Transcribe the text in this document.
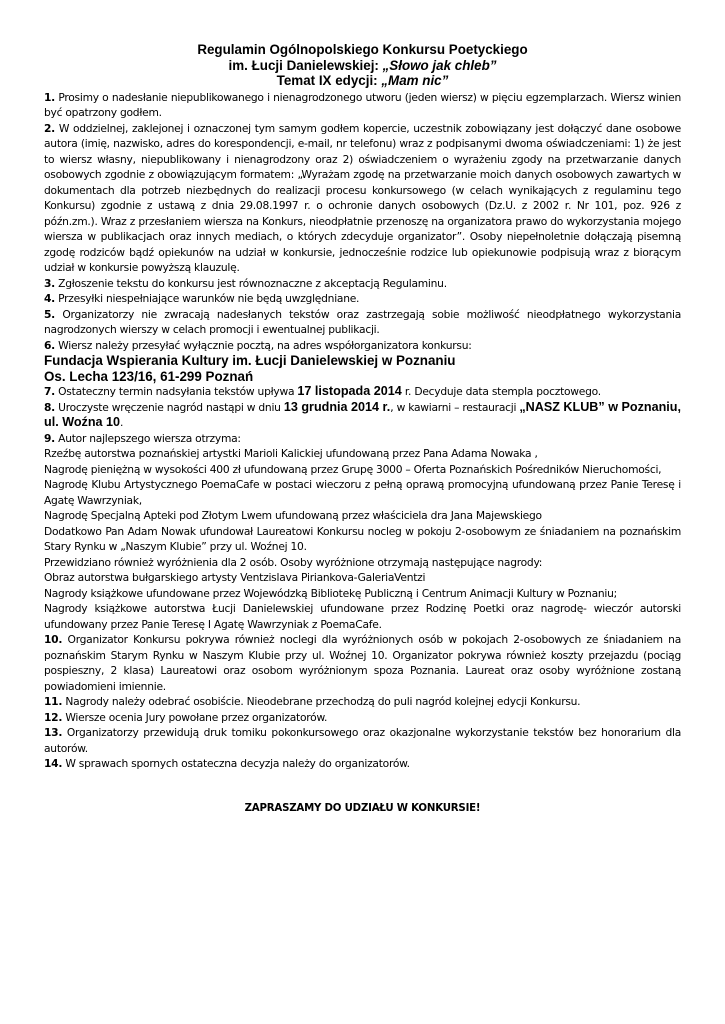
Regulamin Ogólnopolskiego Konkursu Poetyckiego
im. Łucji Danielewskiej: „Słowo jak chleb”
Temat IX edycji: „Mam nic”

1. Prosimy o nadesłanie niepublikowanego i nienagrodzonego utworu (jeden wiersz) w pięciu egzemplarzach. Wiersz winien być opatrzony godłem.

2. W oddzielnej, zaklejonej i oznaczonej tym samym godłem kopercie, uczestnik zobowiązany jest dołączyć dane osobowe autora (imię, nazwisko, adres do korespondencji, e-mail, nr telefonu) wraz z podpisanymi dwoma oświadczeniami: 1) że jest to wiersz własny, niepublikowany i nienagrodzony oraz 2) oświadczeniem o wyrażeniu zgody na przetwarzanie danych osobowych zgodnie z obowiązującym formatem: „Wyrażam zgodę na przetwarzanie moich danych osobowych zawartych w dokumentach dla potrzeb niezbędnych do realizacji procesu konkursowego (w celach wynikających z regulaminu tego Konkursu) zgodnie z ustawą z dnia 29.08.1997 r. o ochronie danych osobowych (Dz.U. z 2002 r. Nr 101, poz. 926 z późn.zm.). Wraz z przesłaniem wiersza na Konkurs, nieodpłatnie przenoszę na organizatora prawo do wykorzystania mojego wiersza w publikacjach oraz innych mediach, o których zdecyduje organizator”. Osoby niepełnoletnie dołączają pisemną zgodę rodziców bądź opiekunów na udział w konkursie, jednocześnie rodzice lub opiekunowie podpisują wraz z biorącym udział w konkursie powyższą klauzulę.

3. Zgłoszenie tekstu do konkursu jest równoznaczne z akceptacją Regulaminu.

4. Przesyłki niespełniające warunków nie będą uwzględniane.

5. Organizatorzy nie zwracają nadesłanych tekstów oraz zastrzegają sobie możliwość nieodpłatnego wykorzystania nagrodzonych wierszy w celach promocji i ewentualnej publikacji.

6. Wiersz należy przesyłać wyłącznie pocztą, na adres współorganizatora konkursu:

Fundacja Wspierania Kultury im. Łucji Danielewskiej w Poznaniu

Os. Lecha 123/16, 61-299 Poznań

7. Ostateczny termin nadsyłania tekstów upływa 17 listopada 2014 r. Decyduje data stempla pocztowego.

8. Uroczyste wręczenie nagród nastąpi w dniu 13 grudnia 2014 r., w kawiarni – restauracji „NASZ KLUB” w Poznaniu, ul. Woźna 10.

9. Autor najlepszego wiersza otrzyma:

Rzeźbę autorstwa poznańskiej artystki Marioli Kalickiej ufundowaną przez Pana Adama Nowaka ,

Nagrodę pieniężną w wysokości 400 zł ufundowaną przez Grupę 3000 – Oferta Poznańskich Pośredników Nieruchomości,

Nagrodę Klubu Artystycznego PoemaCafe w postaci wieczoru z pełną oprawą promocyjną ufundowaną przez Panie Teresę i Agatę Wawrzyniak,

Nagrodę Specjalną Apteki pod Złotym Lwem ufundowaną przez właściciela dra Jana Majewskiego

Dodatkowo Pan Adam Nowak ufundował Laureatowi Konkursu nocleg w pokoju 2-osobowym ze śniadaniem na poznańskim Stary Rynku w „Naszym Klubie” przy ul. Woźnej 10.

Przewidziano również wyróżnienia dla 2 osób. Osoby wyróżnione otrzymają następujące nagrody:

Obraz autorstwa bułgarskiego artysty Ventzislava Piriankova-GaleriaVentzi

Nagrody książkowe ufundowane przez Wojewódzką Bibliotekę Publiczną i Centrum Animacji Kultury w Poznaniu;

Nagrody książkowe autorstwa Łucji Danielewskiej ufundowane przez Rodzinę Poetki oraz nagrodę- wieczór autorski ufundowany przez Panie Teresę I Agatę Wawrzyniak z PoemaCafe.

10. Organizator Konkursu pokrywa również noclegi dla wyróżnionych osób w pokojach 2-osobowych ze śniadaniem na poznańskim Starym Rynku w Naszym Klubie przy ul. Woźnej 10. Organizator pokrywa również koszty przejazdu (pociąg pospieszny, 2 klasa) Laureatowi oraz osobom wyróżnionym spoza Poznania. Laureat oraz osoby wyróżnione zostaną powiadomieni imiennie.

11. Nagrody należy odebrać osobiście. Nieodebrane przechodzą do puli nagród kolejnej edycji Konkursu.

12. Wiersze ocenia Jury powołane przez organizatorów.

13. Organizatorzy przewidują druk tomiku pokonkursowego oraz okazjonalne wykorzystanie tekstów bez honorarium dla autorów.

14. W sprawach spornych ostateczna decyzja należy do organizatorów.

ZAPRASZAMY DO UDZIAŁU W KONKURSIE!
